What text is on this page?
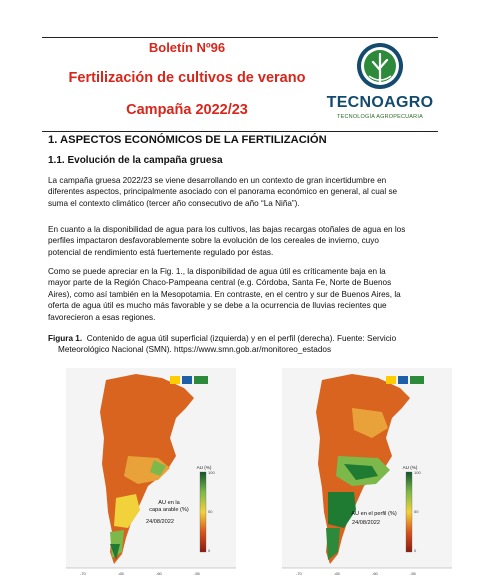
Boletín Nº96
Fertilización de cultivos de verano
Campaña 2022/23	TECNOAGRO
TECNOLOGÍA AGROPECUARIA
1. ASPECTOS ECONÓMICOS DE LA FERTILIZACIÓN
1.1. Evolución de la campaña gruesa
La campaña gruesa 2022/23 se viene desarrollando en un contexto de gran incertidumbre en
diferentes aspectos, principalmente asociado con el panorama económico en general, al cual se
suma el contexto climático (tercer año consecutivo de año “La Niña”).
En cuanto a la disponibilidad de agua para los cultivos, las bajas recargas otoñales de agua en los
perfiles impactaron desfavorablemente sobre la evolución de los cereales de invierno, cuyo
potencial de rendimiento está fuertemente regulado por éstas.
Como se puede apreciar en la Fig. 1., la disponibilidad de agua útil es críticamente baja en la
mayor parte de la Región Chaco-Pampeana central (e.g. Córdoba, Santa Fe, Norte de Buenos
Aires), como así también en la Mesopotamia. En contraste, en el centro y sur de Buenos Aires, la
oferta de agua útil es mucho más favorable y se debe a la ocurrencia de lluvias recientes que
favorecieron a esas regiones.
Figura 1. Contenido de agua útil superficial (izquierda) y en el perfil (derecha). Fuente: Servicio
Meteorológico Nacional (SMN). https://www.smn.gob.ar/monitoreo_estados
AU (%)
100
50
0
AU en la
capa arable (%)
24/08/2022
-70	-65	-60	-55
AU (%)
100
50
0
AU en el perfil (%)
24/08/2022
-70	-65	-60	-55
